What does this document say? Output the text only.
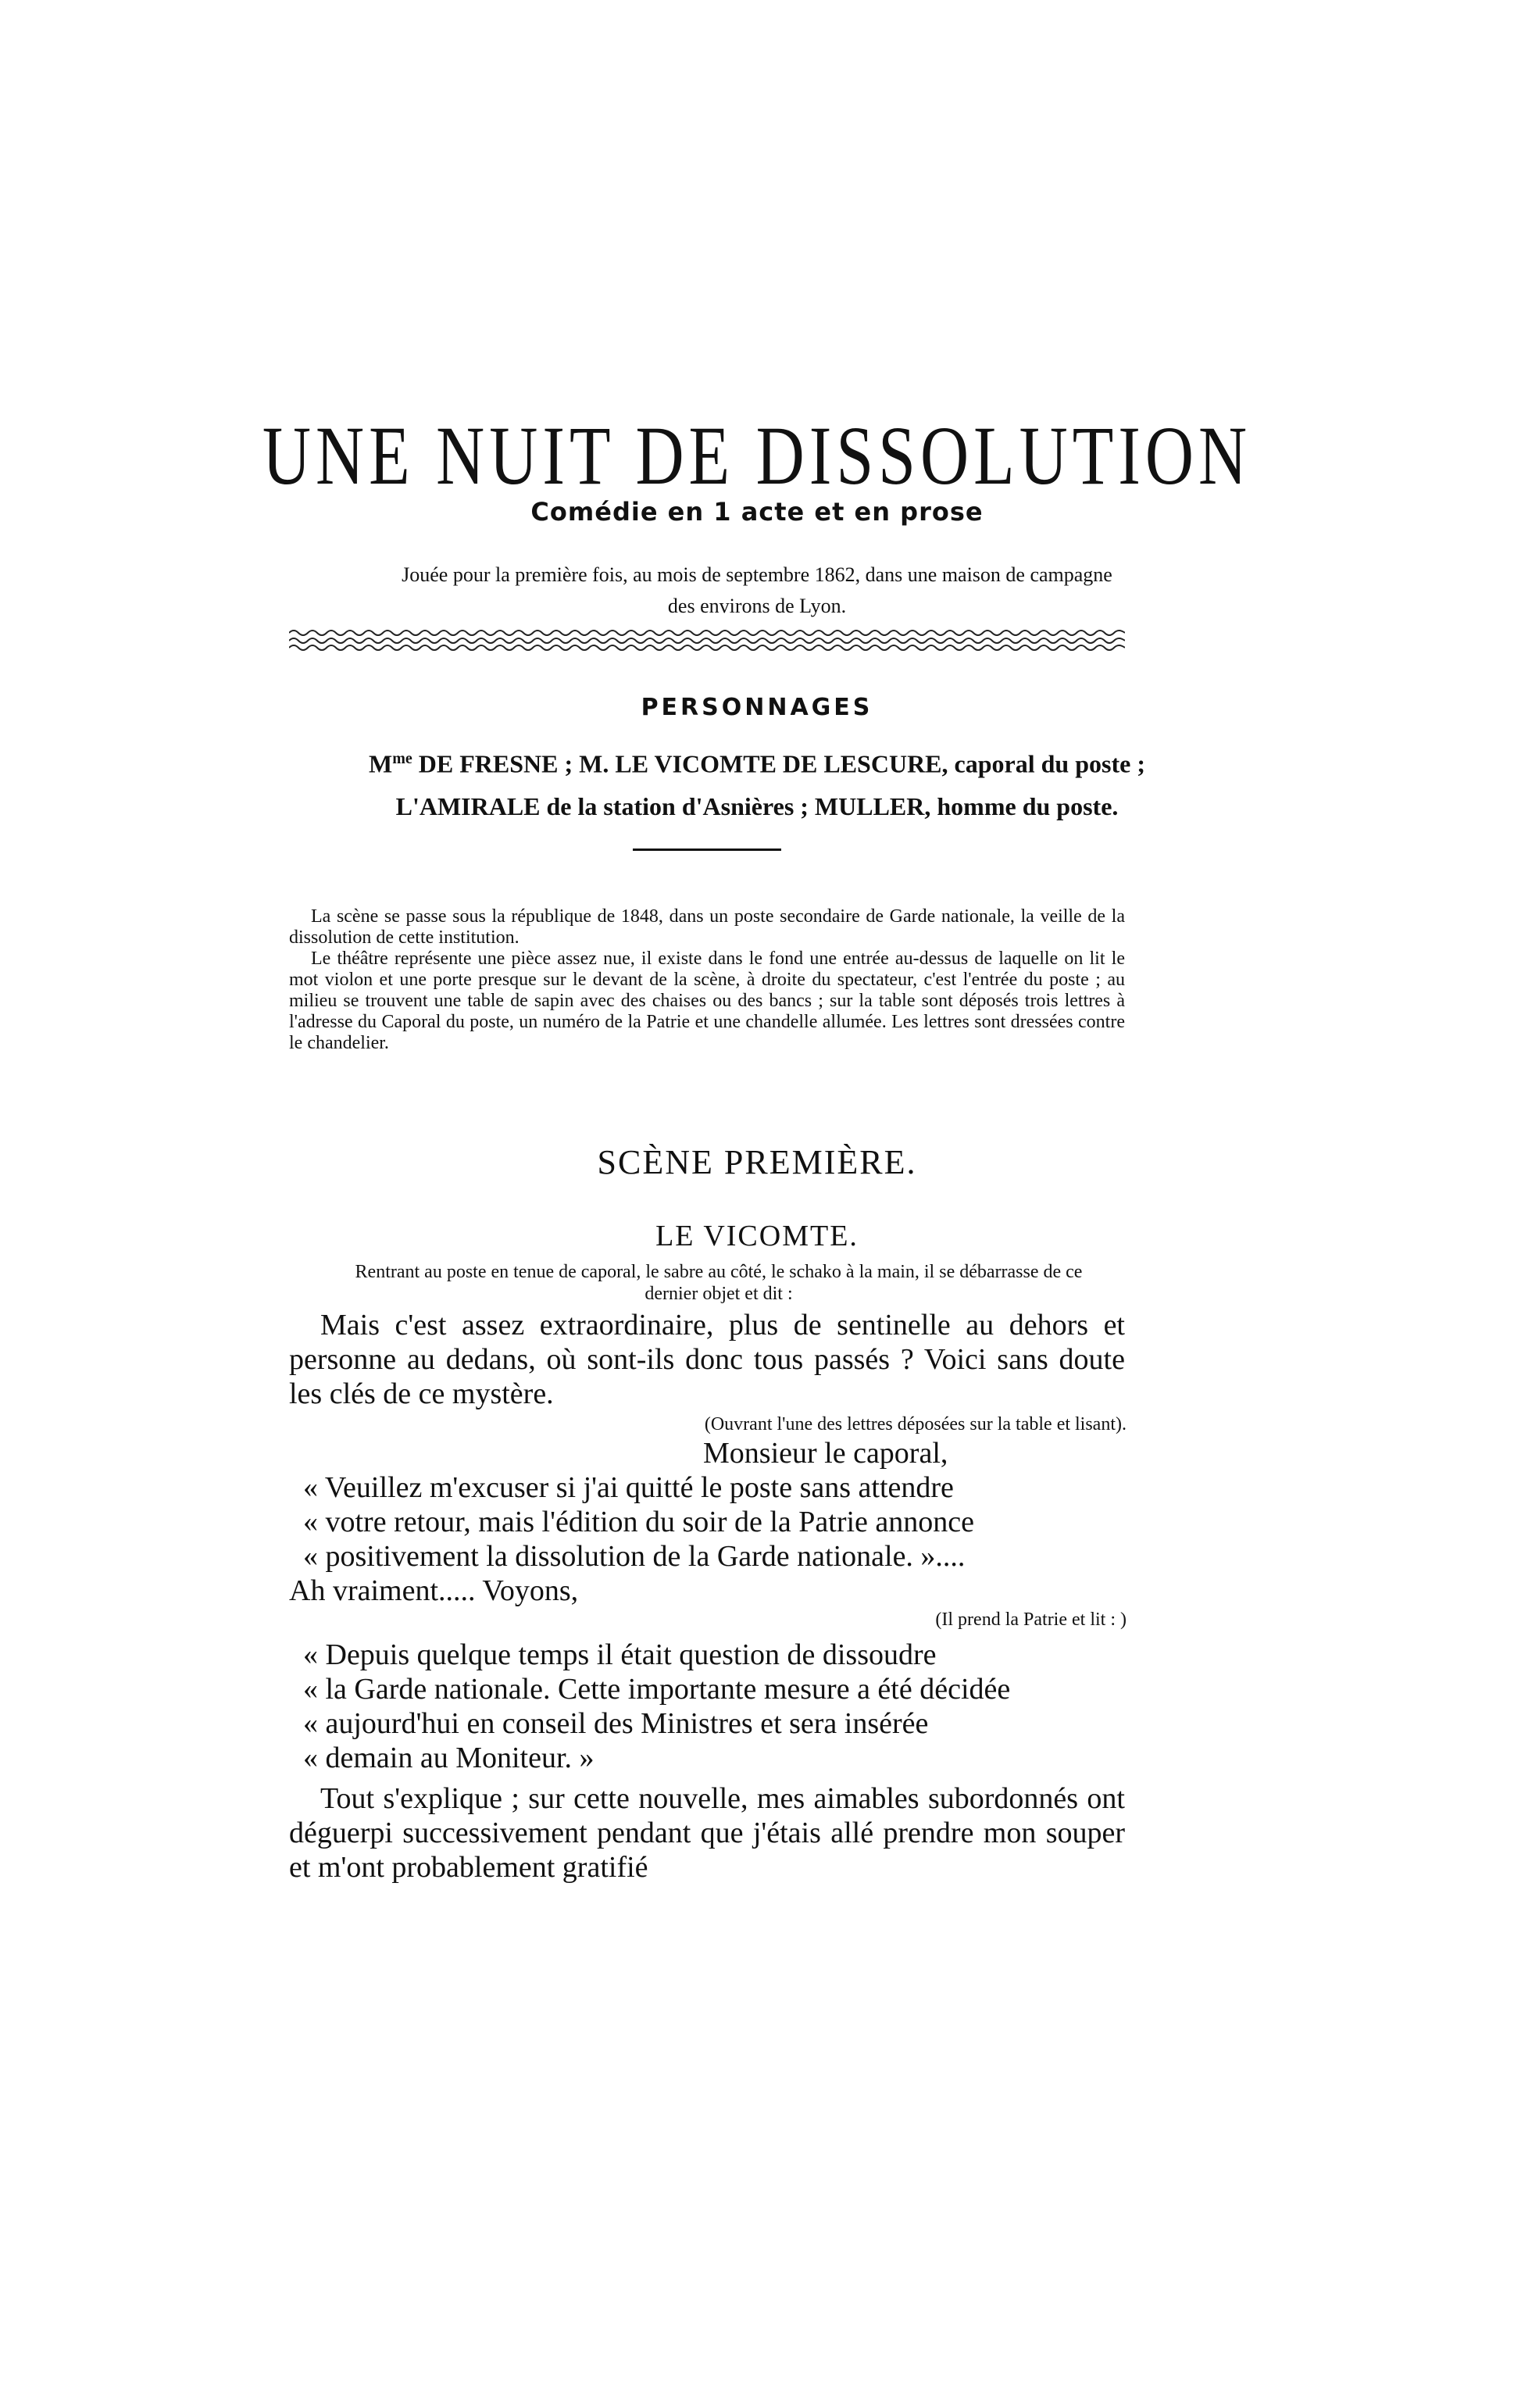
UNE NUIT DE DISSOLUTION
Comédie en 1 acte et en prose
Jouée pour la première fois, au mois de septembre 1862, dans une maison de campagne
des environs de Lyon.
PERSONNAGES
$M^{me}$ DE FRESNE ; M. LE VICOMTE DE LESCURE, caporal du poste ;
L'AMIRALE de la station d'Asnières ; MULLER, homme du poste.

La scène se passe sous la république de 1848, dans un poste secondaire de Garde nationale, la veille de la dissolution de cette institution.

Le théâtre représente une pièce assez nue, il existe dans le fond une entrée au-dessus de laquelle on lit le mot violon et une porte presque sur le devant de la scène, à droite du spectateur, c'est l'entrée du poste ; au milieu se trouvent une table de sapin avec des chaises ou des bancs ; sur la table sont déposés trois lettres à l'adresse du Caporal du poste, un numéro de la Patrie et une chandelle allumée. Les lettres sont dressées contre le chandelier.

SCÈNE PREMIÈRE.
LE VICOMTE.
Rentrant au poste en tenue de caporal, le sabre au côté, le schako à la main, il se débarrasse de ce dernier objet et dit :
Mais c'est assez extraordinaire, plus de sentinelle au dehors et personne au dedans, où sont-ils donc tous passés ? Voici sans doute les clés de ce mystère.
(Ouvrant l'une des lettres déposées sur la table et lisant).
Monsieur le caporal,
« Veuillez m'excuser si j'ai quitté le poste sans attendre
« votre retour, mais l'édition du soir de la Patrie annonce
« positivement la dissolution de la Garde nationale. »....
Ah vraiment..... Voyons,
(Il prend la Patrie et lit : )
« Depuis quelque temps il était question de dissoudre
« la Garde nationale. Cette importante mesure a été décidée
« aujourd'hui en conseil des Ministres et sera insérée
« demain au Moniteur. »
Tout s'explique ; sur cette nouvelle, mes aimables subordonnés ont déguerpi successivement pendant que j'étais allé prendre mon souper et m'ont probablement gratifié
